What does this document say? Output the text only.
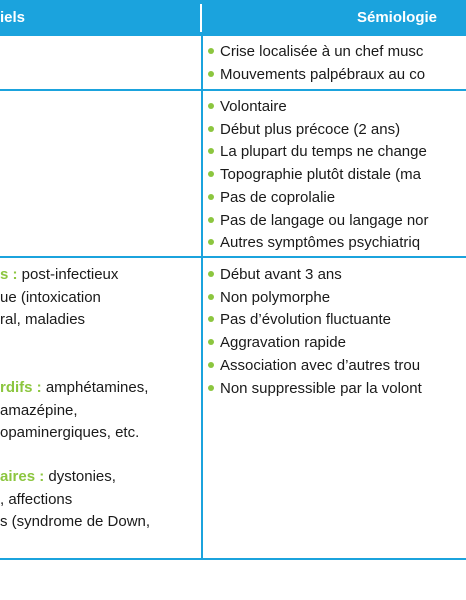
iels	Sémiologie
Crise localisée à un chef musc
Mouvements palpébraux au co
Volontaire
Début plus précoce (2 ans)
La plupart du temps ne change
Topographie plutôt distale (ma
Pas de coprolalie
Pas de langage ou langage nor
Autres symptômes psychiatriq
s : post-infectieux
ue (intoxication
ral, maladies
rdifs : amphétamines,
amazépine,
opaminergiques, etc.
aires : dystonies,
, affections
s (syndrome de Down,
Début avant 3 ans
Non polymorphe
Pas d’évolution fluctuante
Aggravation rapide
Association avec d’autres trou
Non suppressible par la volont
